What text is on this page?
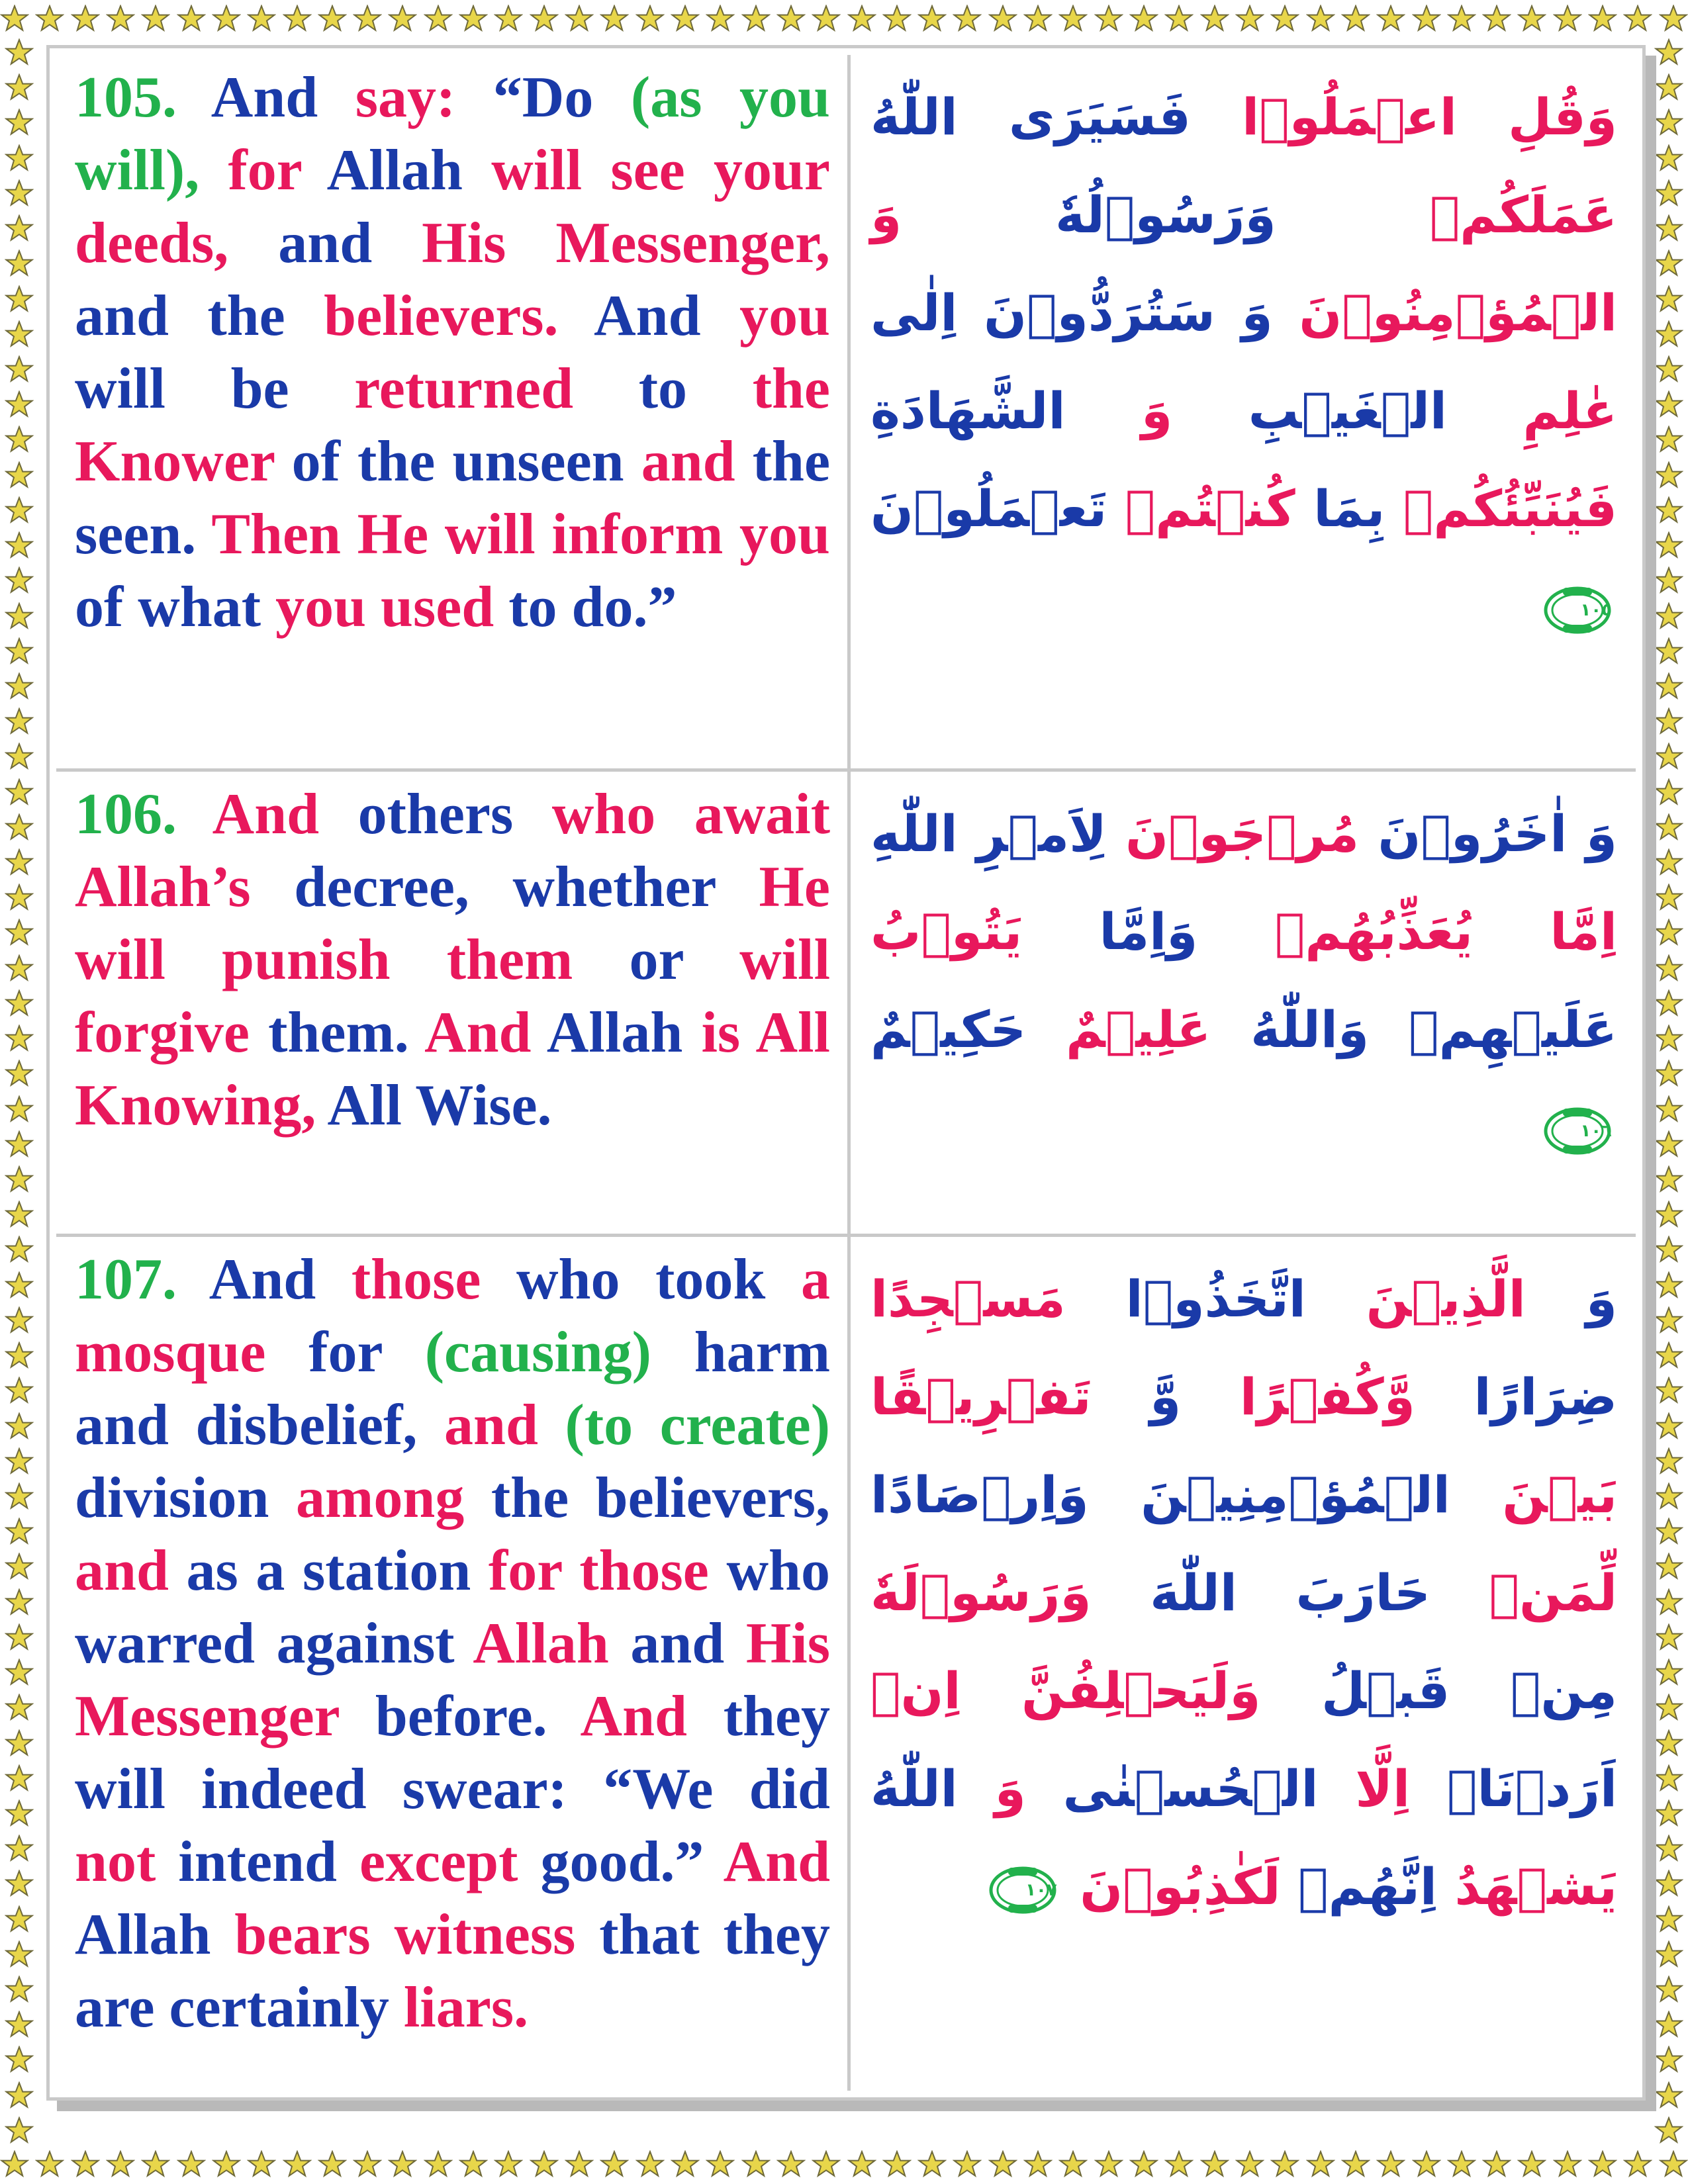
105. And say: “Do (as you will), for Allah will see your deeds, and His Messenger, and the believers. And you will be returned to the Knower of the unseen and the seen. Then He will inform you of what you used to do.”

وَقُلِ اعۡمَلُوۡا فَسَيَرَى اللّٰهُ عَمَلَكُمۡ وَرَسُوۡلُهٗ وَ الۡمُؤۡمِنُوۡنَ وَ سَتُرَدُّوۡنَ اِلٰى عٰلِمِ الۡغَيۡبِ وَ الشَّهَادَةِ فَيُنَبِّئُكُمۡ بِمَا كُنۡتُمۡ تَعۡمَلُوۡنَ
١٠٥

106. And others who await Allah’s decree, whether He will punish them or will forgive them. And Allah is All Knowing, All Wise.

وَ اٰخَرُوۡنَ مُرۡجَوۡنَ لِاَمۡرِ اللّٰهِ اِمَّا يُعَذِّبُهُمۡ وَاِمَّا يَتُوۡبُ عَلَيۡهِمۡ وَاللّٰهُ عَلِيۡمٌ حَكِيۡمٌ
١٠٦

107. And those who took a mosque for (causing) harm and disbelief, and (to create) division among the believers, and as a station for those who warred against Allah and His Messenger before. And they will indeed swear: “We did not intend except good.” And Allah bears witness that they are certainly liars.

وَ الَّذِيۡنَ اتَّخَذُوۡا مَسۡجِدًا ضِرَارًا وَّكُفۡرًا وَّ تَفۡرِيۡقًا بَيۡنَ الۡمُؤۡمِنِيۡنَ وَاِرۡصَادًا لِّمَنۡ حَارَبَ اللّٰهَ وَرَسُوۡلَهٗ مِنۡ قَبۡلُ وَلَيَحۡلِفُنَّ اِنۡ اَرَدۡنَاۤ اِلَّا الۡحُسۡنٰى وَ اللّٰهُ يَشۡهَدُ اِنَّهُمۡ لَكٰذِبُوۡنَ
١٠٧
